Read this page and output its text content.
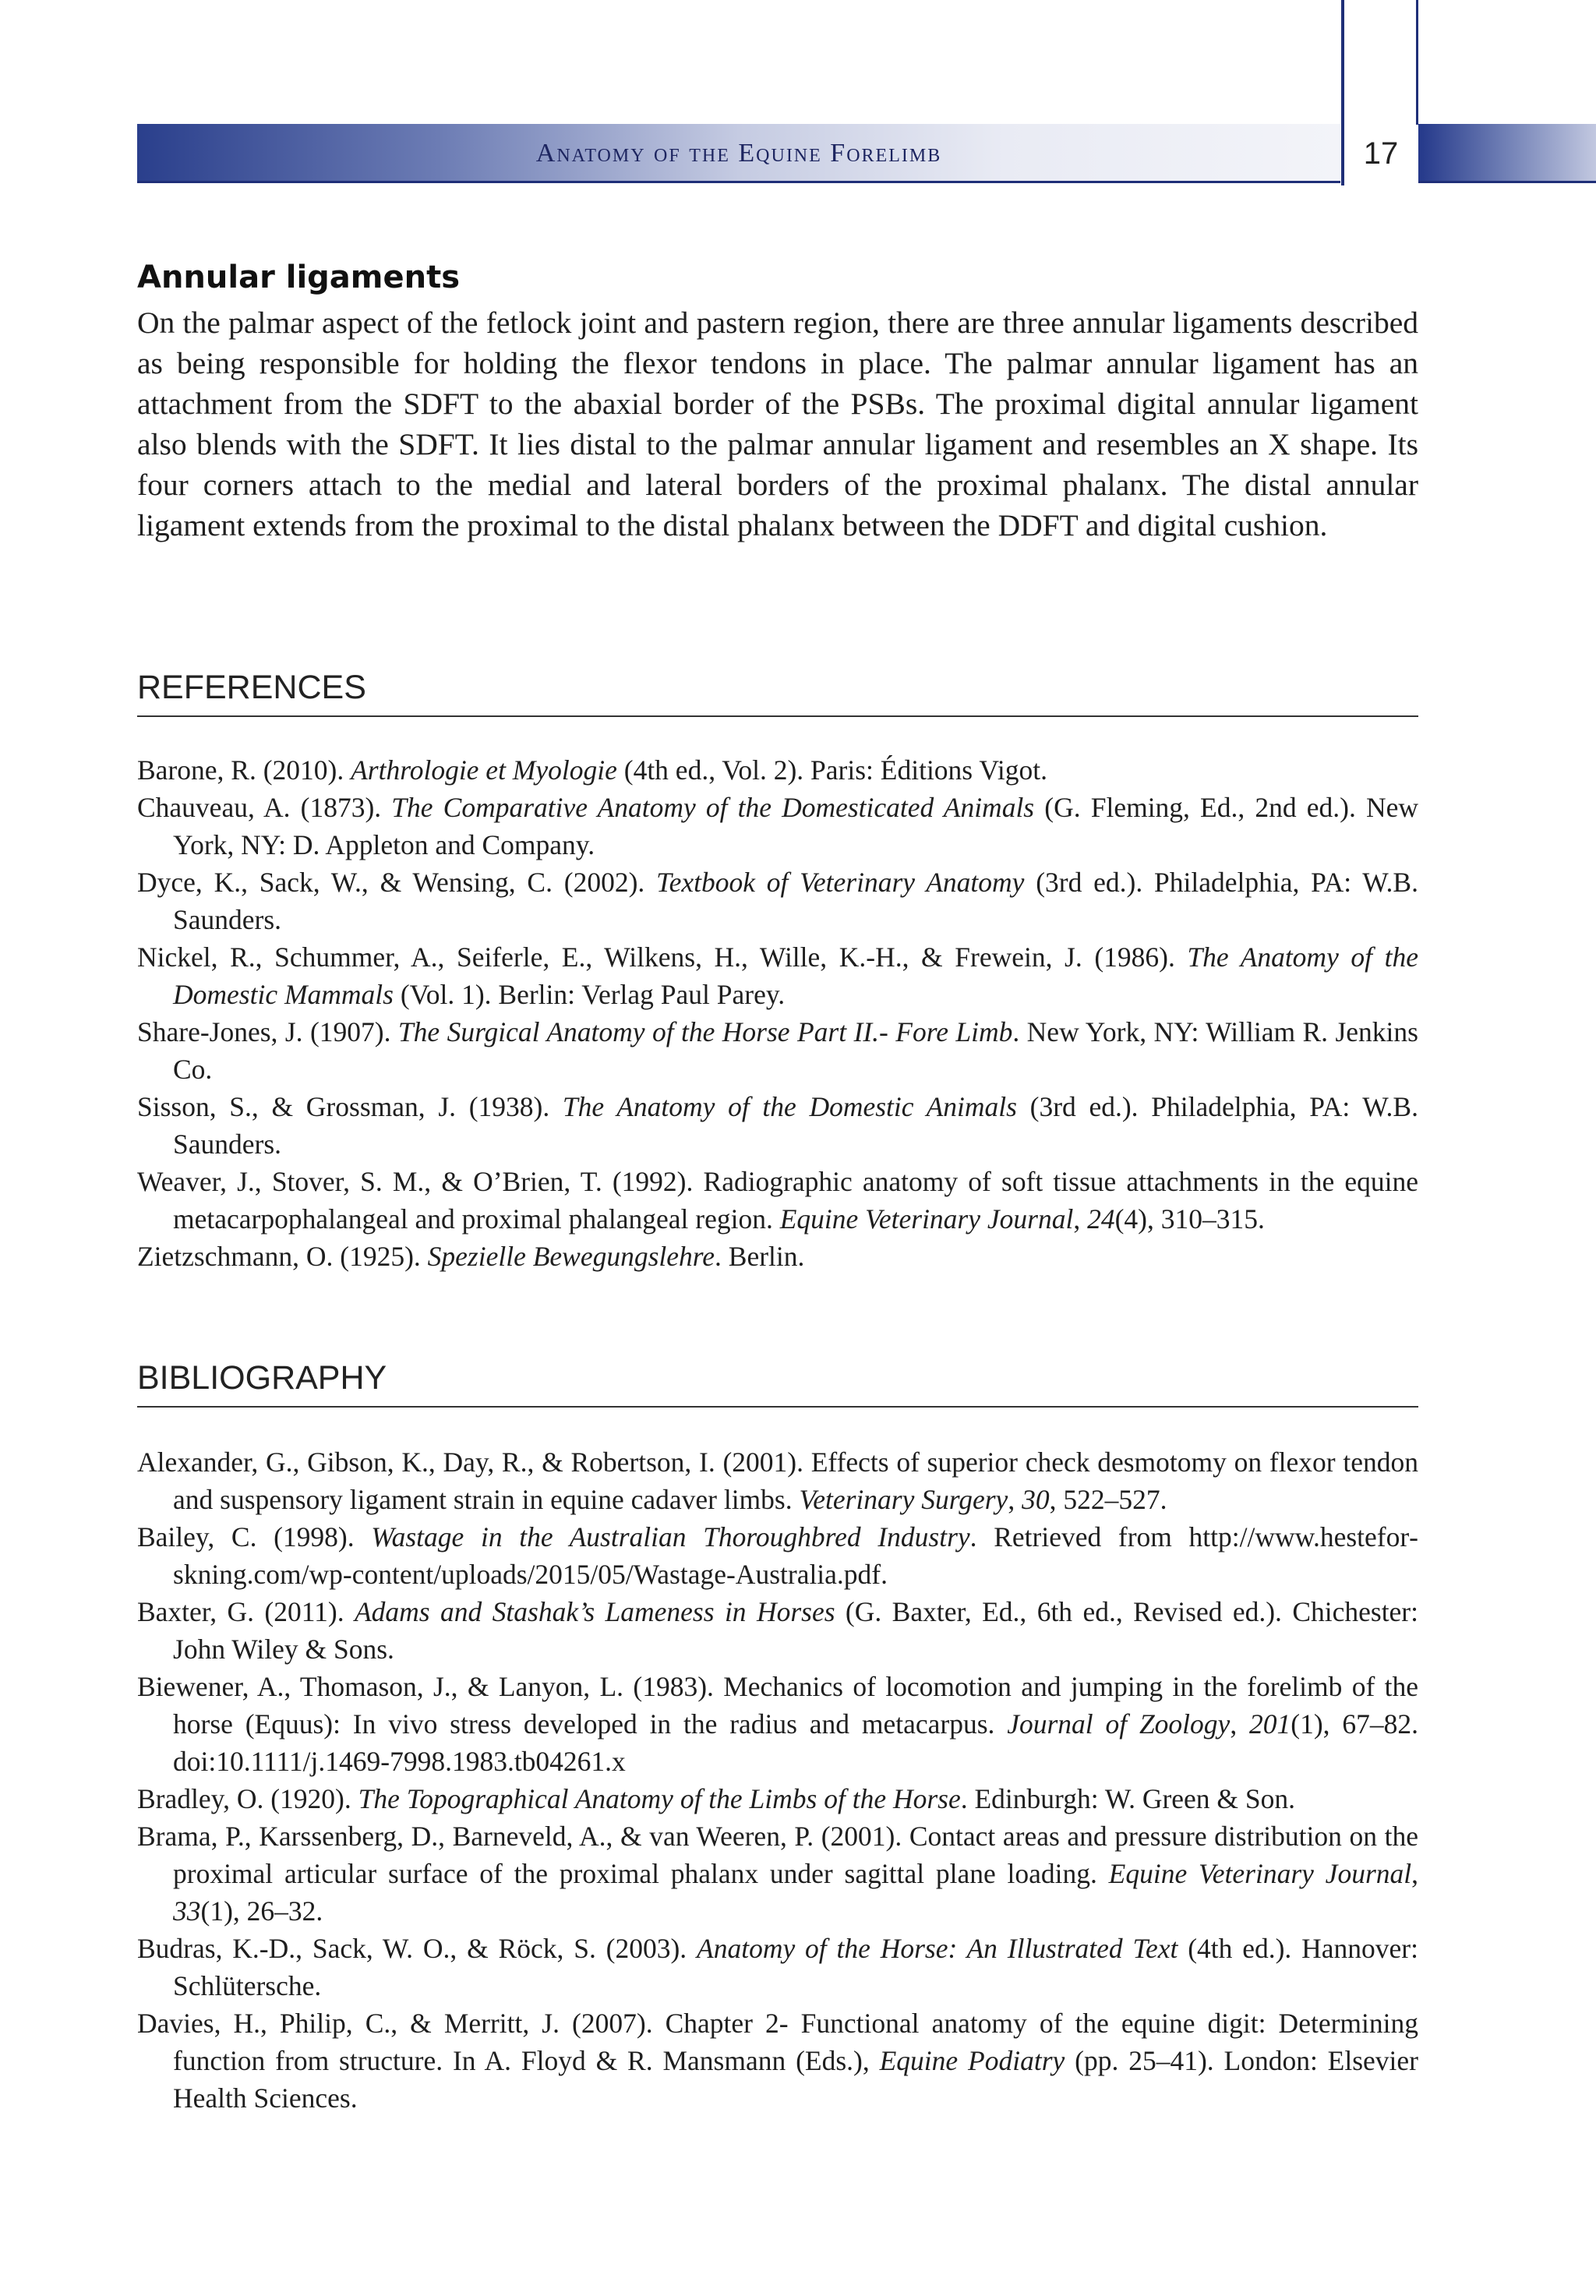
Anatomy of the Equine Forelimb	17
Annular ligaments

On the palmar aspect of the fetlock joint and pastern region, there are three annular ligaments described as being responsible for holding the flexor tendons in place. The palmar annular ligament has an attachment from the SDFT to the abaxial border of the PSBs. The proximal digital annular ligament also blends with the SDFT. It lies distal to the palmar annular ligament and resembles an X shape. Its four corners attach to the medial and lateral borders of the proximal phalanx. The distal annular ligament extends from the proximal to the distal phalanx between the DDFT and digital cushion.

REFERENCES
Barone, R. (2010). Arthrologie et Myologie (4th ed., Vol. 2). Paris: Éditions Vigot.
Chauveau, A. (1873). The Comparative Anatomy of the Domesticated Animals (G. Fleming, Ed., 2nd ed.). New York, NY: D. Appleton and Company.
Dyce, K., Sack, W., & Wensing, C. (2002). Textbook of Veterinary Anatomy (3rd ed.). Philadelphia, PA: W.B. Saunders.
Nickel, R., Schummer, A., Seiferle, E., Wilkens, H., Wille, K.-H., & Frewein, J. (1986). The Anatomy of the Domestic Mammals (Vol. 1). Berlin: Verlag Paul Parey.
Share-Jones, J. (1907). The Surgical Anatomy of the Horse Part II.- Fore Limb. New York, NY: William R. Jenkins Co.
Sisson, S., & Grossman, J. (1938). The Anatomy of the Domestic Animals (3rd ed.). Philadelphia, PA: W.B. Saunders.
Weaver, J., Stover, S. M., & O’Brien, T. (1992). Radiographic anatomy of soft tissue attachments in the equine metacarpophalangeal and proximal phalangeal region. Equine Veterinary Journal, 24(4), 310–315.
Zietzschmann, O. (1925). Spezielle Bewegungslehre. Berlin.
BIBLIOGRAPHY
Alexander, G., Gibson, K., Day, R., & Robertson, I. (2001). Effects of superior check desmotomy on flexor tendon and suspensory ligament strain in equine cadaver limbs. Veterinary Surgery, 30, 522–527.
Bailey, C. (1998). Wastage in the Australian Thoroughbred Industry. Retrieved from http://www.hesteforskning.com/wp-content/uploads/2015/05/Wastage-Australia.pdf.
Baxter, G. (2011). Adams and Stashak’s Lameness in Horses (G. Baxter, Ed., 6th ed., Revised ed.). Chichester: John Wiley & Sons.
Biewener, A., Thomason, J., & Lanyon, L. (1983). Mechanics of locomotion and jumping in the forelimb of the horse (Equus): In vivo stress developed in the radius and metacarpus. Journal of Zoology, 201(1), 67–82. doi:10.1111/j.1469-7998.1983.tb04261.x
Bradley, O. (1920). The Topographical Anatomy of the Limbs of the Horse. Edinburgh: W. Green & Son.
Brama, P., Karssenberg, D., Barneveld, A., & van Weeren, P. (2001). Contact areas and pressure distribution on the proximal articular surface of the proximal phalanx under sagittal plane loading. Equine Veterinary Journal, 33(1), 26–32.
Budras, K.-D., Sack, W. O., & Röck, S. (2003). Anatomy of the Horse: An Illustrated Text (4th ed.). Hannover: Schlütersche.
Davies, H., Philip, C., & Merritt, J. (2007). Chapter 2- Functional anatomy of the equine digit: Determining function from structure. In A. Floyd & R. Mansmann (Eds.), Equine Podiatry (pp. 25–41). London: Elsevier Health Sciences.
